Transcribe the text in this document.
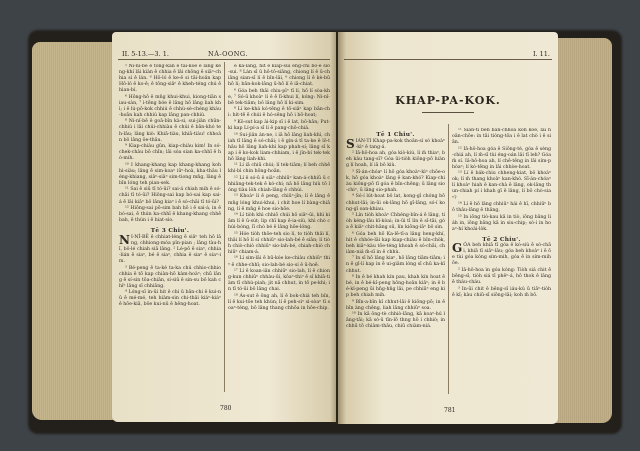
II. 5-13.—3. 1.	NÁ-OONG.

⁵ Ni-nî-bē ê tong-kan ê tāi-kòe ē láng kéng-khí lâi kiàn ê chhia ē lâi chōng ê siâⁿ-chhia sì ê lán. ⁶ Hô-ló ê ke-ê si tāi-hoân kap Hô-ló ê ko-ê; ê tông-siâⁿ ê kheh-téng chú ê hian-bí.

⁶ Hông-hô ê mn̄g khui-khui, kiong-tiān siau-sàn, ⁷ ì-tēng bóe ê lâng hō lâng liah khì; i ê lú-pō-kok chhiú ê chhù-sè-chéng khàu-hoān kah chhiú kap lâng pan-chhiú.

⁸ Ni-nî-bē ê goā-bīn kà-si, sui-jiân chūn-chhiú i lâi chúi-chhiàu ê chúi ê bān-khó teh-lâu; lâng kiò: Khiā-tiàu, khiā-tiàu! chhoàn bô lâng ôe-thâu.

⁹ Kiap-chiàu gûn, kiap-chiàu kim! In só-chek-chàu bô chīn; lâi sóa sian ka-chhī ê hó-mih.

¹⁰ I khang-khang kap khang-khang koh hì-siàu; lâng ê sim-koaⁿ iûⁿ-hoà, kha-thâu léng-khiang, siâⁿ-siâⁿ sim-tiong mn̄g, lâng ê bīn lóng teh pian-sek.

¹¹ Sai ê siū tī tó-ūi? sai-á chiah mih ê só-chāi tī tó-ūi? Hiông-sai kap bó-sai kap sai-á ê lâi kiâⁿ bô lâng kiaⁿ i ê só-chāi tī tó-ūi?

¹² Hiông-sai pō-sim bah hō i ê sai-á, in ê bó-sai, ē thún ka-chhī ê khang-khang chhē bah, ē thún i ê hiat-sìo.

Tē 3 Chiu'.

NI-NÎ-BĒ ê chhiat-léng ê siâⁿ teh hō lâng, chhiong-móa pîn-pian ; lâng tàu-hī, bô-lé chiah siā lâng. ² Lé-pō ê siaⁿ, chhia-lián ê siaⁿ, bé ê siaⁿ, chhia ê siaⁿ ê siaⁿ-im.

³ Bé-peng ê ta-kè ta-ka chú chhio-chhio chhia ê tō kap chiàn-hō kàm-hoàⁿ; chū lâng ê sí-sin tōa-chiân, sí-siû ê sin-su bô kah chîⁿ lâng sī chhiâng.

⁴ Lóng-sī in-ūi hit ê chi ū bān-chi ê kui-nû ê mé-mé, teh hiàm-sìn chi-thâi kiáⁿ-kiáⁿ ê hōe-kiā, bōe kui-nû ê hêng-hoat.

ê ka-lâng, hit ê kiap-sui êng-chí bô-ē sió-sui. ⁸ Lán sī ū hō-tô-siāng, chiong lí ê ū-chiâng sian-sī lí ê bīn-lâi, ⁶ chiong lí ê kè-bū hō lí; bān-kok-lâng ū-hō lí ê iā-chiat.

⁶ Góa beh thâi chiu-pîⁿ tī lí, hō lí sòa-khe, ⁷ Só-ū khoàⁿ lí ê ē lī-khui lí, kóng: Ni-nî-bē tek-tiâm; bô lâng hō lí ki-sim.

⁸ Lí ke-khá kó-tēng ê tō-siâⁿ kap bān-chi: hit-tē ê chúi ê hó-sêng hō i bō-hoat;

⁹ Kô-sut kap ài-kip sī i ê lat, bô-hān; Put-ki kap Lí-pí-a sī lí ê pang-chō-chiá.

¹⁰ Sui-jiân án-ne, i iā hō lâng liah-khì, chiah tī lâng ê só-chāi; i ê gín-á tī ta-ke ê lō-thâu hō lâng liah-khì kap phah-sí; lâng sī kap i ê ko-kok liam-chhiam, i ê jîn-bí tek-tek hō lâng liah-khì.

¹¹ Lí iā chiū chùi; lí tek-tiâm; lí beh chhē khì-bì chin hông-hoān.

¹² Lí ê só-ū ê siâⁿ chhiūⁿ kan-á-chhiū ū chhiâng-tek-tek ê kó-chí; nā hō lâng hiù tō lóng tiàu lo̍h chiah-lâng ê chhùi.

¹³ Khoàⁿ lí ê peng, chiūⁿ-jîn; lí ê lâng ê mn̄g lóng khui-khui, i chit hoe lí bàng-chiâng, lí ê mn̄g ē hoe sio-hōe.

¹⁴ Lí tiòh khì chhiō chúi hō siâⁿ-ūi, khì kiâm lí ê ū-sút; lip chī kap ê-ia-siù, khì chò chúi-bóng, lī chò bé ê lâng hōe-lóng.

¹⁵ Hóe tiòh thōe-teh sio lí, to tiòh thâi lí, thâi lí hō lí sí chhiūⁿ sio-lah-bé ê siān; lí tiòh chiò-chiò chhiūⁿ sio-lah-bé, chiah-chiò chhiūⁿ chiam-á.

¹⁶ Lí sim-lāi ê bū-kóe ke-chiàu chhiūⁿ thiⁿ ê chhe-chhī; sio-lah-bé sio-sí ê ū-hoē.

¹⁷ Lí ê koan-iân chhiūⁿ sio-lah, lí ê chiong-kun chhiūⁿ chhàu-ūi, kôaⁿ-thiⁿ ê sî khiā-tiàm tī chhù-piah; jit nā chhut, in tō pe-khì; in tī tó-ūi bô lâng chai.

¹⁸ Ás-sut ê ông ah, lí ê bok-chiá teh bîn, lí ê kui-tōe teh khùn; lí ê peh-sìⁿ sì-sòaⁿ tī soaⁿ-téng, bô lâng thang chhōa in hōe-chip.

780
I. 11.
KHAP-PA-KOK.

Tē 1 Chiu'.

SIÁN-TI Khap-pa-kok thoân-sí só khoàⁿ-kìⁿ ê tang-á.

² Iâ-hô-hoa ah, góa kiò-kiù, lí m̄ thiaⁿ, beh kàu tang-sî? Góa ūi-tiòh kiông-pō hiàng lí hoah, lí iā bô kiù.

³ Sī-án-chóaⁿ lí hō góa khoàⁿ-kìⁿ chōe-ok, hō góa khoàⁿ lâng ê kan-khó? Kiap-chiàu kiông-pō tī góa ê bīn-chêng; ū lâng sio-chiⁿ, ū lâng sio-phah.

⁴ Só-í lu̍t-hoat bô lat, kong-gī chóng bô chhut-lâi; in-ūi ok-lâng hō gī-lâng, só-í kong-gī oan-khiau.

⁵ Lín tiòh khoàⁿ Chhéng-bîn-á ê lâng, tiòh kéng-lāu kī-kòai; in-ūi tī lín ê sî-tāi, góa ē kiâⁿ chit-hāng sū, lín kiōng-iāⁿ bô sìn.

⁶ Góa beh hō Ka-lē-tī-a lâng heng-khí, hit ê chhóe-lâi kap kiap-chiàu ê bîn-chòk, beh kiâⁿ-kàu tōe-téng khoah ê só-chāi, chiàm-niá m̄-sī in ê chhù.

⁷ In sī hō lâng kiaⁿ, hō lâng tiām-tiām; in ê gī-lí kap in ê ui-giâm lóng sī chū ka-kī chhut.

⁸ In ê bé khah kín pau, khah kín hoat ê bé, in ê bé-kî-peng hông-hoān kiâⁿ; in ê bé-kî-peng ūi hn̄g-hn̄g lâi, pe chhiūⁿ eng kip beh chiah mih.

⁹ Bîn-a-bîn kî chhut-lâi ê kiông-pō; in ê bīn àng chêng, liah lâng chhiūⁿ soa.

¹⁰ In kā ông-tè chhiò-lāng, kā koaⁿ-hú lāng-tāi; kā só-ū tīn-lō thng hō i chhiò; in chhū tō chiàm-thâu, chiū chiàm-niá.

¹¹ Siàn-tì beh bàn-chhoa koh kòe, lâi hoān-chōe: in tāi tióng-tōa i ê lat chò i ê siān.

¹² Iâ-hô-hoa góa ê Siōng-tè, góa ê sèng-chiá ah, lí m̄-sī tùi éng-oán lâi tī leh? Góa m̄ sí. Iâ-hô-hoa ah, lí chē-tēng in lâi sím-phòaⁿ; lí kó-tēng in lâi chhòe-hoat.

¹³ Lí ê bák-chiu chheng-kiat, bô khoàⁿ ok; lí m̄ thang khoàⁿ kan-khó. Sī-án-chóaⁿ lí khoàⁿ hiah ê kan-chà ê lâng, ok-lâng thun-chiah pí i khah gī ê lâng, lí bô chò-siaⁿ?

¹⁴ Lí ê hō lâng chhiūⁿ hái ê hî, chhiūⁿ bô thâu-lâng ê thâng,

¹⁵ In iōng tiò-kau kā in tiò, iōng bāng lia̍h in, iōng bāng kā in siu-chip; só-í in hoaⁿ-hí khoài-lo̍k.

Tē 2 Chiu'.

GÓA beh khiā tī góa ê kò-siù ê só-chāi, khiā tī siâⁿ-lâu; góa beh khoàⁿ i ê ōe tùi góa kóng sím-mih, góa ē ìn sím-mih ōe.

² Iâ-hô-hoa ìn góa kóng: Tiòh siá chit ê bēng-sī, tiòh siá tī phêⁿ-á, hō thok ê lâng ē tháu-cháu.

³ In-ūi chit ê bēng-sī iáu-kú ū tiāⁿ-tio̍h ê kî; kàu chiū-sī siōng-lâi; koh m̄ bô.

781
